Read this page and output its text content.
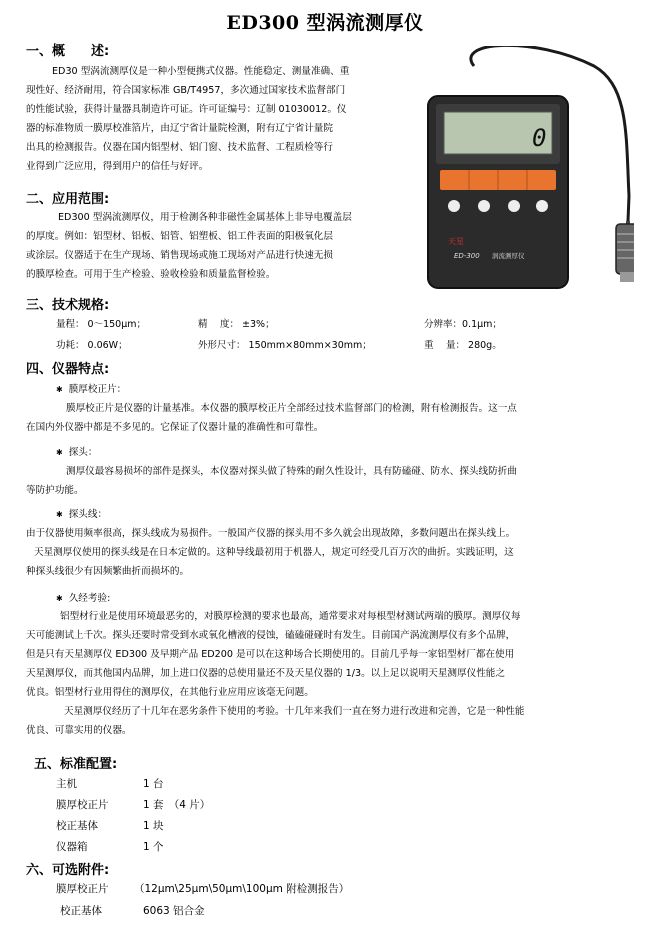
ED300 型涡流测厚仪
一、概　　述:
ED30 型涡流测厚仪是一种小型便携式仪器。性能稳定、测量准确、重
现性好、经济耐用，符合国家标准 GB/T4957，多次通过国家技术监督部门
的性能试验，获得计量器具制造许可证。许可证编号：辽制 01030012。仪
器的标准物质一膜厚校准箔片，由辽宁省计量院检测，附有辽宁省计量院
出具的检测报告。仪器在国内铝型材、铝门窗、技术监督、工程质检等行
业得到广泛应用，得到用户的信任与好评。
二、应用范围:
ED300 型涡流测厚仪，用于检测各种非磁性金属基体上非导电覆盖层
的厚度。例如：铝型材、铝板、铝管、铝塑板、铝工件表面的阳极氧化层
或涂层。仪器适于在生产现场、销售现场或施工现场对产品进行快速无损
的膜厚检查。可用于生产检验、验收检验和质量监督检验。
0
天星
ED-300 涡流测厚仪
三、技术规格:
量程： 0～150μm；	精　 度： ±3%；	分辨率：0.1μm；
功耗： 0.06W；	外形尺寸： 150mm×80mm×30mm；	重　 量： 280g。
四、仪器特点:
✱ 膜厚校正片：
膜厚校正片是仪器的计量基准。本仪器的膜厚校正片全部经过技术监督部门的检测，附有检测报告。这一点
在国内外仪器中都是不多见的。它保证了仪器计量的准确性和可靠性。
✱ 探头：
测厚仪最容易损坏的部件是探头，本仪器对探头做了特殊的耐久性设计，具有防磕碰、防水、探头线防折曲
等防护功能。
✱ 探头线：
由于仪器使用频率很高，探头线成为易损件。一般国产仪器的探头用不多久就会出现故障，多数问题出在探头线上。
天星测厚仪使用的探头线是在日本定做的。这种导线最初用于机器人，规定可经受几百万次的曲折。实践证明，这
种探头线很少有因频繁曲折而损坏的。
✱ 久经考验:
铝型材行业是使用环境最恶劣的，对膜厚检测的要求也最高，通常要求对每根型材测试两端的膜厚。测厚仪每
天可能测试上千次。探头还要时常受到水或氧化槽液的侵蚀，磕磕碰碰时有发生。目前国产涡流测厚仪有多个品牌，
但是只有天星测厚仪 ED300 及早期产品 ED200 是可以在这种场合长期使用的。目前几乎每一家铝型材厂都在使用
天星测厚仪，而其他国内品牌，加上进口仪器的总使用量还不及天星仪器的 1/3。以上足以说明天星测厚仪性能之
优良。铝型材行业用得住的测厚仪，在其他行业应用应该毫无问题。
天星测厚仪经历了十几年在恶劣条件下使用的考验。十几年来我们一直在努力进行改进和完善，它是一种性能
优良、可靠实用的仪器。
五、标准配置:
主机	1 台
膜厚校正片	1 套　（4 片）
校正基体	1 块
仪器箱	1 个
六、可选附件:
膜厚校正片 （12μm\25μm\50μm\100μm 附检测报告）
校正基体	6063 铝合金
